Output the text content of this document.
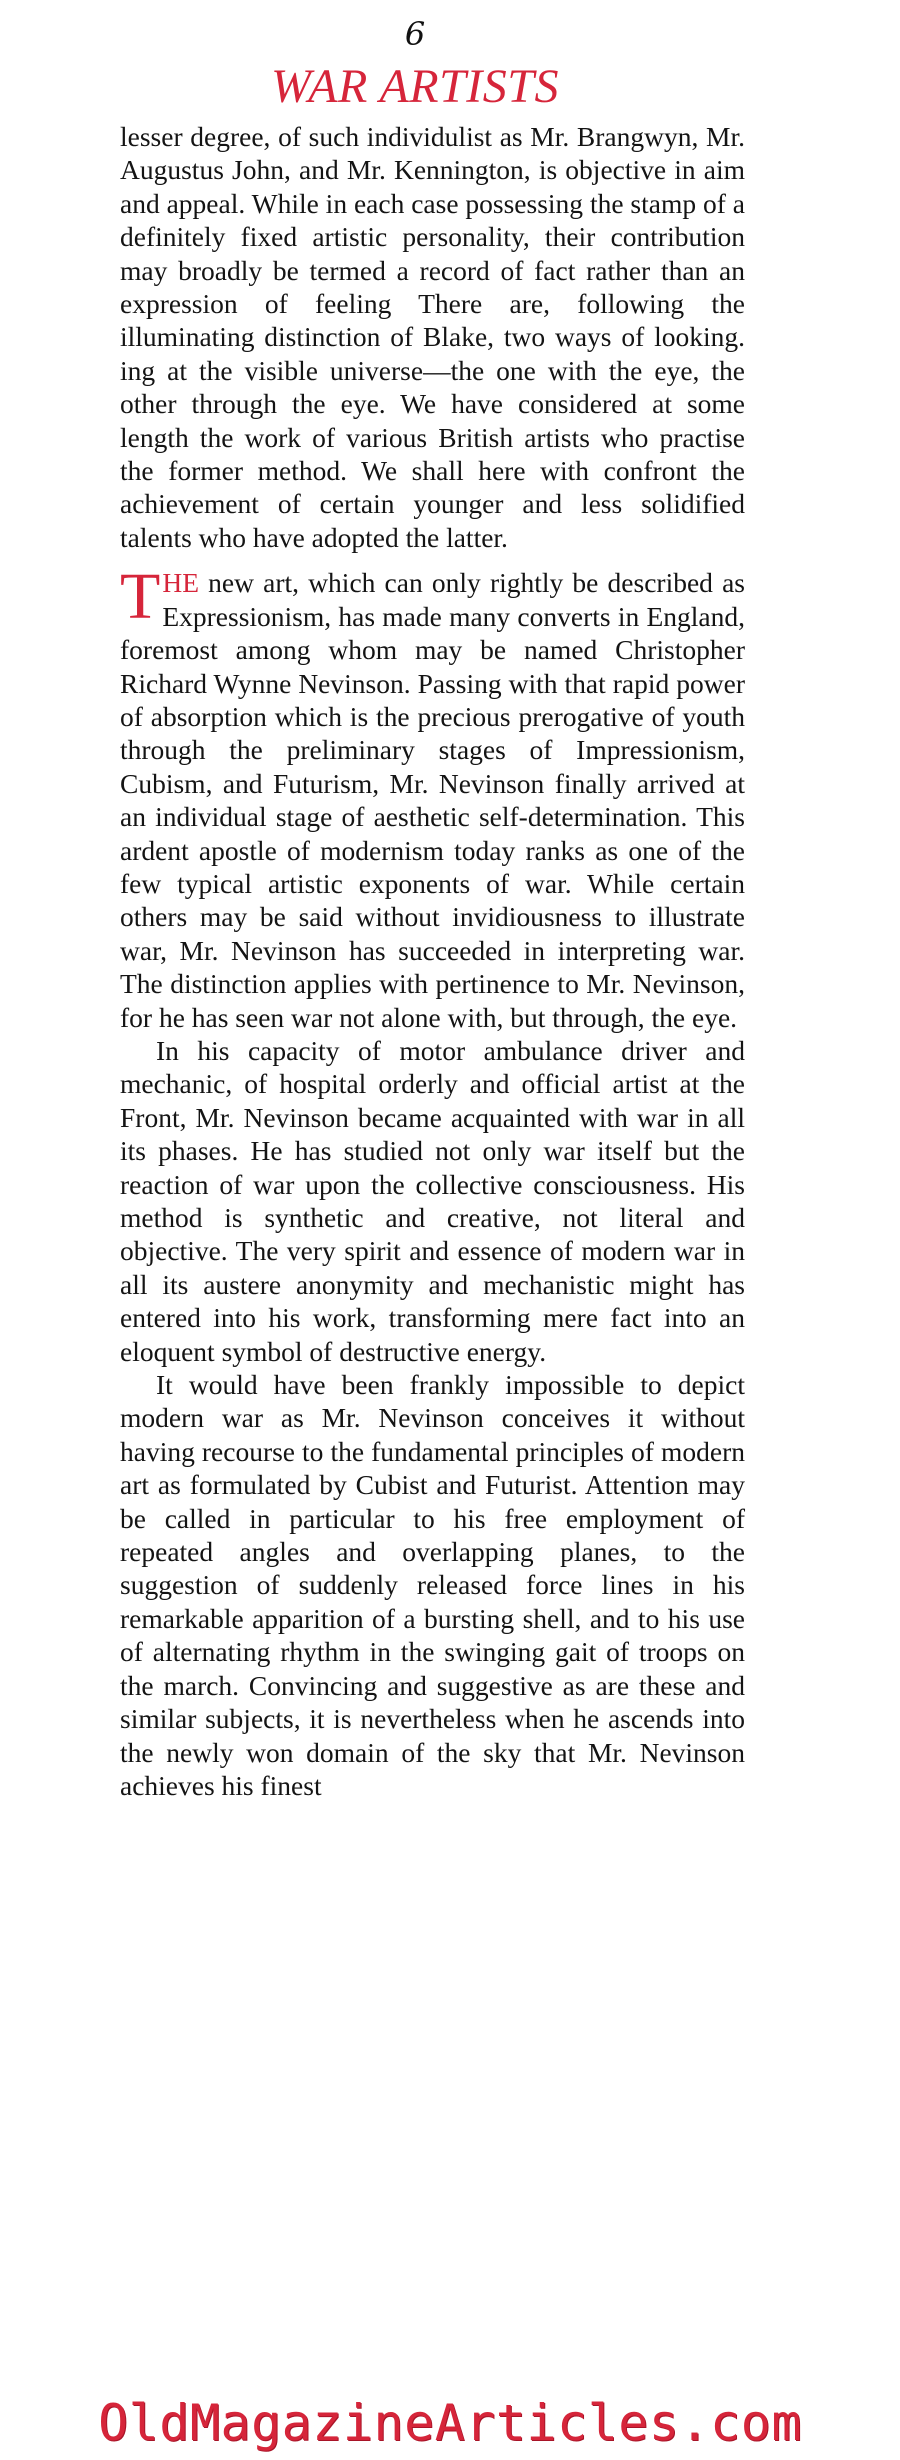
6
WAR ARTISTS

lesser degree, of such individulist as Mr. Brangwyn, Mr. Augustus John, and Mr. Kennington, is objective in aim and appeal. While in each case possessing the stamp of a definitely fixed artistic personality, their contribution may broadly be termed a record of fact rather than an expression of feeling There are, following the illuminating distinction of Blake, two ways of looking. ing at the visible universe—the one with the eye, the other through the eye. We have considered at some length the work of various British artists who practise the former method. We shall here with confront the achievement of certain younger and less solidified talents who have adopted the latter.

THE new art, which can only rightly be described as Expressionism, has made many converts in England, foremost among whom may be named Christopher Richard Wynne Nevinson. Passing with that rapid power of absorption which is the precious prerogative of youth through the preliminary stages of Impressionism, Cubism, and Futurism, Mr. Nevinson finally arrived at an individual stage of aesthetic self-determination. This ardent apostle of modernism today ranks as one of the few typical artistic exponents of war. While certain others may be said without invidiousness to illustrate war, Mr. Nevinson has succeeded in interpreting war. The distinction applies with pertinence to Mr. Nevinson, for he has seen war not alone with, but through, the eye.

In his capacity of motor ambulance driver and mechanic, of hospital orderly and official artist at the Front, Mr. Nevinson became acquainted with war in all its phases. He has studied not only war itself but the reaction of war upon the collective consciousness. His method is synthetic and creative, not literal and objective. The very spirit and essence of modern war in all its austere anonymity and mechanistic might has entered into his work, transforming mere fact into an eloquent symbol of destructive energy.

It would have been frankly impossible to depict modern war as Mr. Nevinson conceives it without having recourse to the fundamental principles of modern art as formulated by Cubist and Futurist. Attention may be called in particular to his free employment of repeated angles and overlapping planes, to the suggestion of suddenly released force lines in his remarkable apparition of a bursting shell, and to his use of alternating rhythm in the swinging gait of troops on the march. Convincing and suggestive as are these and similar subjects, it is nevertheless when he ascends into the newly won domain of the sky that Mr. Nevinson achieves his finest

OldMagazineArticles.com
